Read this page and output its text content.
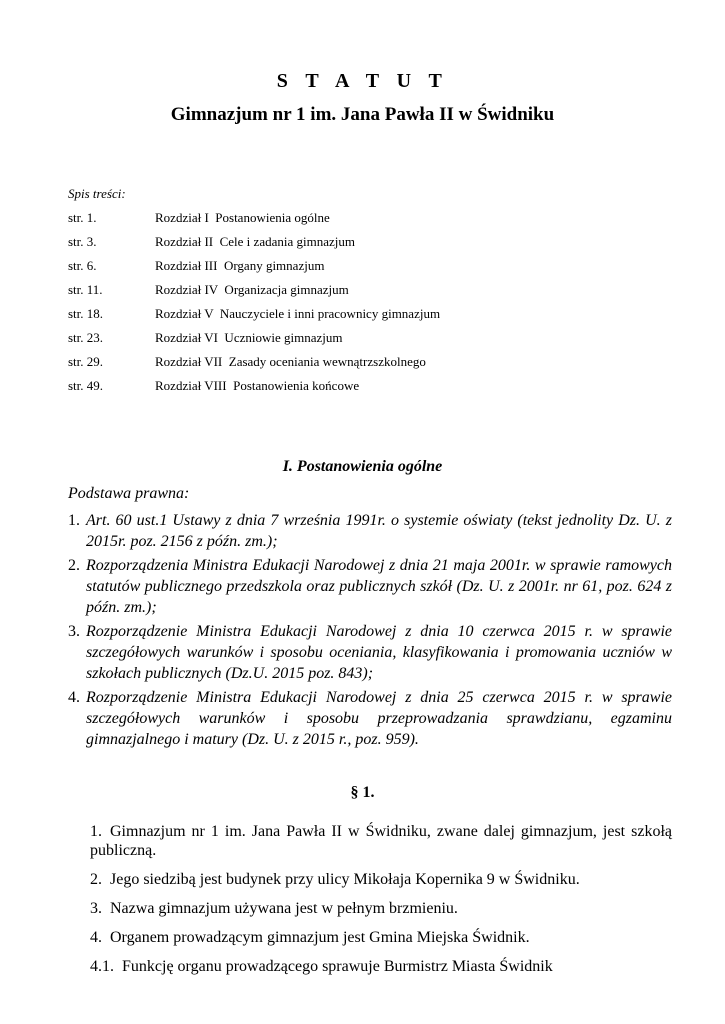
S T A T U T
Gimnazjum nr 1 im. Jana Pawła II w Świdniku
Spis treści:
str. 1.	Rozdział I  Postanowienia ogólne
str. 3.	Rozdział II  Cele i zadania gimnazjum
str. 6.	Rozdział III  Organy gimnazjum
str. 11.	Rozdział IV  Organizacja gimnazjum
str. 18.	Rozdział V  Nauczyciele i inni pracownicy gimnazjum
str. 23.	Rozdział VI  Uczniowie gimnazjum
str. 29.	Rozdział VII  Zasady oceniania wewnątrzszkolnego
str. 49.	Rozdział VIII  Postanowienia końcowe
I. Postanowienia ogólne
Podstawa prawna:
1. Art. 60 ust.1 Ustawy z dnia 7 września 1991r. o systemie oświaty (tekst jednolity Dz. U. z 2015r. poz. 2156 z późn. zm.);
2. Rozporządzenia Ministra Edukacji Narodowej z dnia 21 maja 2001r. w sprawie ramowych statutów publicznego przedszkola oraz publicznych szkół (Dz. U. z 2001r. nr 61, poz. 624 z późn. zm.);
3. Rozporządzenie Ministra Edukacji Narodowej z dnia 10 czerwca 2015 r. w sprawie szczegółowych warunków i sposobu oceniania, klasyfikowania i promowania uczniów w szkołach publicznych (Dz.U. 2015 poz. 843);
4. Rozporządzenie Ministra Edukacji Narodowej z dnia 25 czerwca 2015 r. w sprawie szczegółowych warunków i sposobu przeprowadzania sprawdzianu, egzaminu gimnazjalnego i matury (Dz. U. z 2015 r., poz. 959).
§ 1.
1. Gimnazjum nr 1 im. Jana Pawła II w Świdniku, zwane dalej gimnazjum, jest szkołą publiczną.
2. Jego siedzibą jest budynek przy ulicy Mikołaja Kopernika 9 w Świdniku.
3. Nazwa gimnazjum używana jest w pełnym brzmieniu.
4. Organem prowadzącym gimnazjum jest Gmina Miejska Świdnik.
4.1. Funkcję organu prowadzącego sprawuje Burmistrz Miasta Świdnik
